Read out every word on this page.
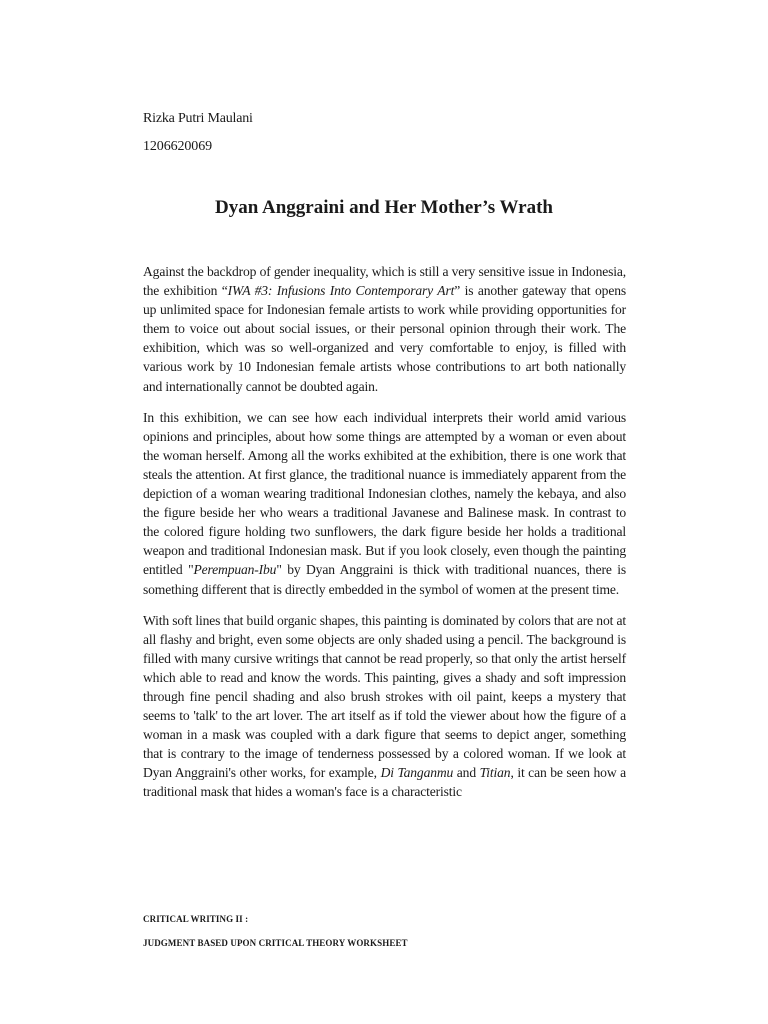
Rizka Putri Maulani
1206620069
Dyan Anggraini and Her Mother’s Wrath

Against the backdrop of gender inequality, which is still a very sensitive issue in Indonesia, the exhibition “IWA #3: Infusions Into Contemporary Art” is another gateway that opens up unlimited space for Indonesian female artists to work while providing opportunities for them to voice out about social issues, or their personal opinion through their work. The exhibition, which was so well-organized and very comfortable to enjoy, is filled with various work by 10 Indonesian female artists whose contributions to art both nationally and internationally cannot be doubted again.

In this exhibition, we can see how each individual interprets their world amid various opinions and principles, about how some things are attempted by a woman or even about the woman herself. Among all the works exhibited at the exhibition, there is one work that steals the attention. At first glance, the traditional nuance is immediately apparent from the depiction of a woman wearing traditional Indonesian clothes, namely the kebaya, and also the figure beside her who wears a traditional Javanese and Balinese mask. In contrast to the colored figure holding two sunflowers, the dark figure beside her holds a traditional weapon and traditional Indonesian mask. But if you look closely, even though the painting entitled "Perempuan-Ibu" by Dyan Anggraini is thick with traditional nuances, there is something different that is directly embedded in the symbol of women at the present time.

With soft lines that build organic shapes, this painting is dominated by colors that are not at all flashy and bright, even some objects are only shaded using a pencil. The background is filled with many cursive writings that cannot be read properly, so that only the artist herself which able to read and know the words. This painting, gives a shady and soft impression through fine pencil shading and also brush strokes with oil paint, keeps a mystery that seems to 'talk' to the art lover. The art itself as if told the viewer about how the figure of a woman in a mask was coupled with a dark figure that seems to depict anger, something that is contrary to the image of tenderness possessed by a colored woman. If we look at Dyan Anggraini's other works, for example, Di Tanganmu and Titian, it can be seen how a traditional mask that hides a woman's face is a characteristic

CRITICAL WRITING II :
JUDGMENT BASED UPON CRITICAL THEORY WORKSHEET
